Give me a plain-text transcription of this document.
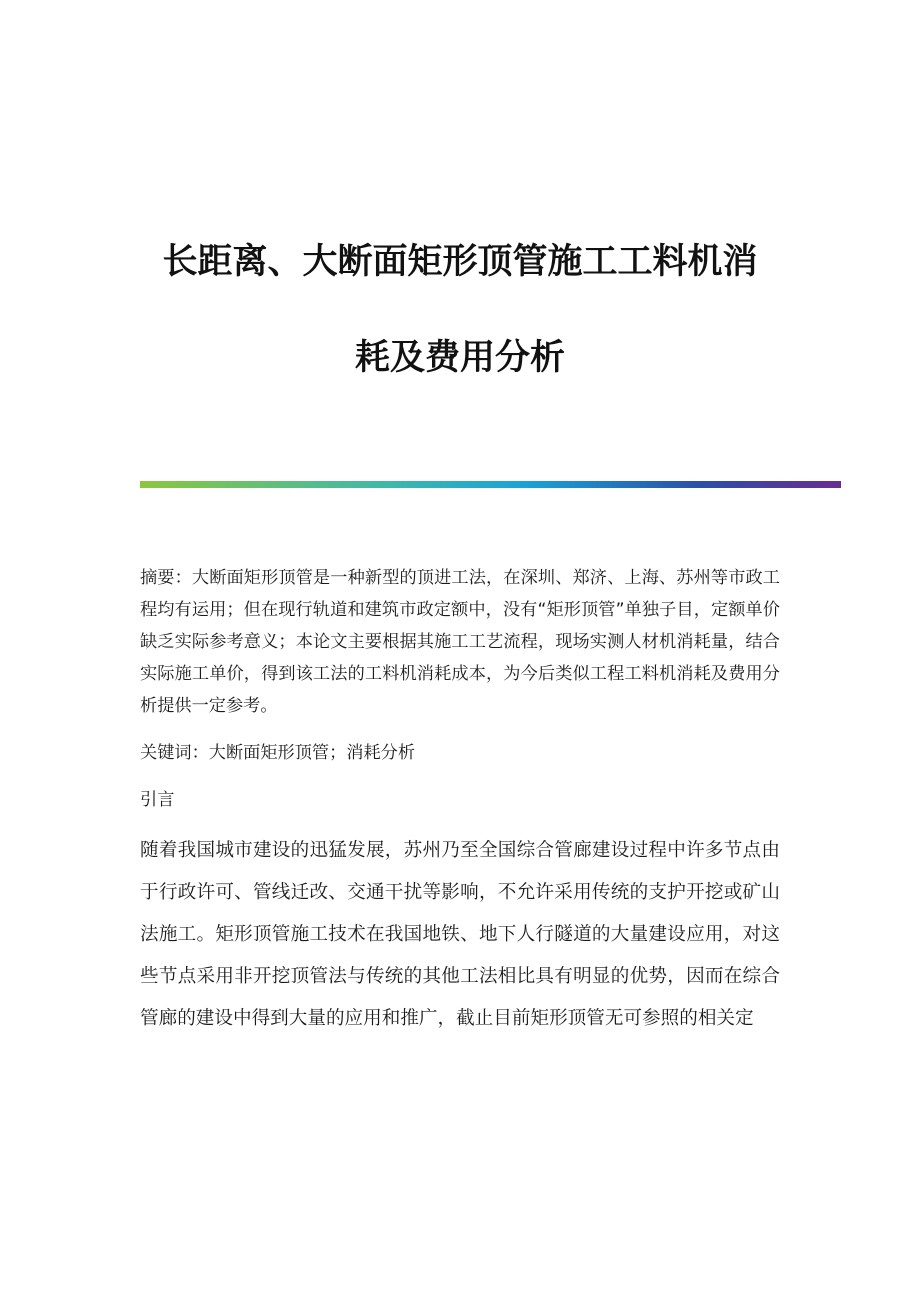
长距离、大断面矩形顶管施工工料机消
耗及费用分析

摘要：大断面矩形顶管是一种新型的顶进工法，在深圳、郑济、上海、苏州等市政工程均有运用；但在现行轨道和建筑市政定额中，没有“矩形顶管”单独子目，定额单价缺乏实际参考意义；本论文主要根据其施工工艺流程，现场实测人材机消耗量，结合实际施工单价，得到该工法的工料机消耗成本，为今后类似工程工料机消耗及费用分析提供一定参考。

关键词：大断面矩形顶管；消耗分析

引言

随着我国城市建设的迅猛发展，苏州乃至全国综合管廊建设过程中许多节点由于行政许可、管线迁改、交通干扰等影响，不允许采用传统的支护开挖或矿山法施工。矩形顶管施工技术在我国地铁、地下人行隧道的大量建设应用，对这些节点采用非开挖顶管法与传统的其他工法相比具有明显的优势，因而在综合管廊的建设中得到大量的应用和推广，截止目前矩形顶管无可参照的相关定
